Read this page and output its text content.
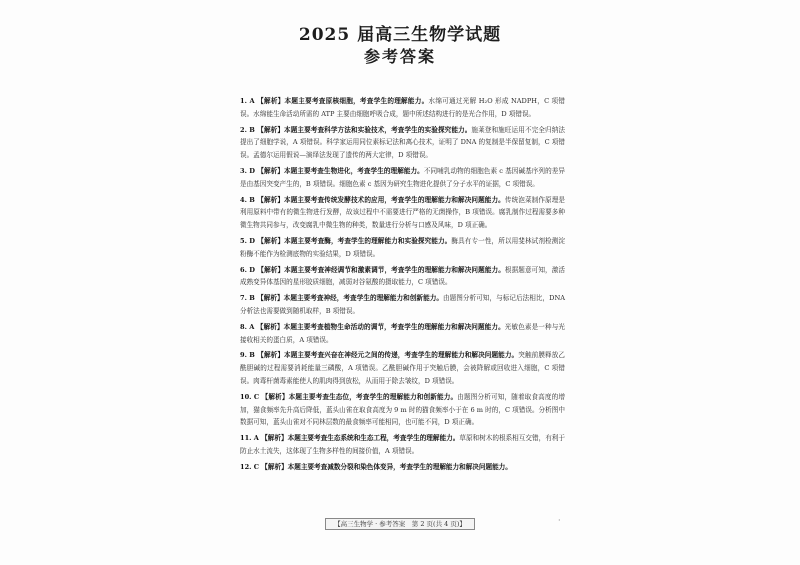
2025 届高三生物学试题
参考答案

1. A 【解析】本题主要考查原核细胞，考查学生的理解能力。水绵可通过光解 H₂O 形成 NADPH，C 项错误。水绵能生命活动所需的 ATP 主要由细胞呼吸合成，题中所述结构进行的是光合作用，D 项错误。

2. B 【解析】本题主要考查科学方法和实验技术，考查学生的实验探究能力。施莱登和施旺运用不完全归纳法提出了细胞学说，A 项错误。科学家运用同位素标记法和离心技术，证明了 DNA 的复制是半保留复制，C 项错误。孟德尔运用假说—演绎法发现了遗传的两大定律，D 项错误。

3. D 【解析】本题主要考查生物进化，考查学生的理解能力。不同哺乳动物的细胞色素 c 基因碱基序列的差异是由基因突变产生的，B 项错误。细胞色素 c 基因为研究生物进化提供了分子水平的证据，C 项错误。

4. B 【解析】本题主要考查传统发酵技术的应用，考查学生的理解能力和解决问题能力。传统泡菜制作原理是利用原料中带有的微生物进行发酵，故该过程中不需要进行严格的无菌操作，B 项错误。腐乳制作过程需要多种微生物共同参与，改变腐乳中微生物的种类，数量进行分析与口感及风味，D 项正确。

5. D 【解析】本题主要考查酶，考查学生的理解能力和实验探究能力。酶具有专一性，所以用斐林试剂检测淀粉酶不能作为检测底物的实验结果，D 项错误。

6. D 【解析】本题主要考查神经调节和激素调节，考查学生的理解能力和解决问题能力。根据题意可知，激活成熟变异体基因的星形胶质细胞，减弱对谷氨酸的摄取能力，C 项错误。

7. B 【解析】本题主要考查神经，考查学生的理解能力和创新能力。由题图分析可知，与标记后法相比，DNA 分析法也需要做到随机取样，B 项错误。

8. A 【解析】本题主要考查植物生命活动的调节，考查学生的理解能力和解决问题能力。光敏色素是一种与光接收相关的蛋白质，A 项错误。

9. B 【解析】本题主要考查兴奋在神经元之间的传递，考查学生的理解能力和解决问题能力。突触前膜释放乙酰胆碱的过程需要消耗能量三磷酸，A 项错误。乙酰胆碱作用于突触后膜，会被降解或回收进入细胞，C 项错误。肉毒杆菌毒素能使人的肌肉得到放松，从而用于除去皱纹，D 项错误。

10. C 【解析】本题主要考查生态位，考查学生的理解能力和创新能力。由题图分析可知，随着取食高度的增加，猫食频率先升高后降低，蓝头山雀在取食高度为 9 m 时的猫食频率小于在 6 m 时的，C 项错误。分析图中数据可知，蓝头山雀对不同林层数的最食频率可能相同，也可能不同，D 项正确。

11. A 【解析】本题主要考查生态系统和生态工程，考查学生的理解能力。草原和树木的根系相互交错，有利于防止水土流失，这体现了生物多样性的间接价值，A 项错误。

12. C 【解析】本题主要考查减数分裂和染色体变异，考查学生的理解能力和解决问题能力。

【高三生物学 · 参考答案　第 2 页(共 4 页)】	·
